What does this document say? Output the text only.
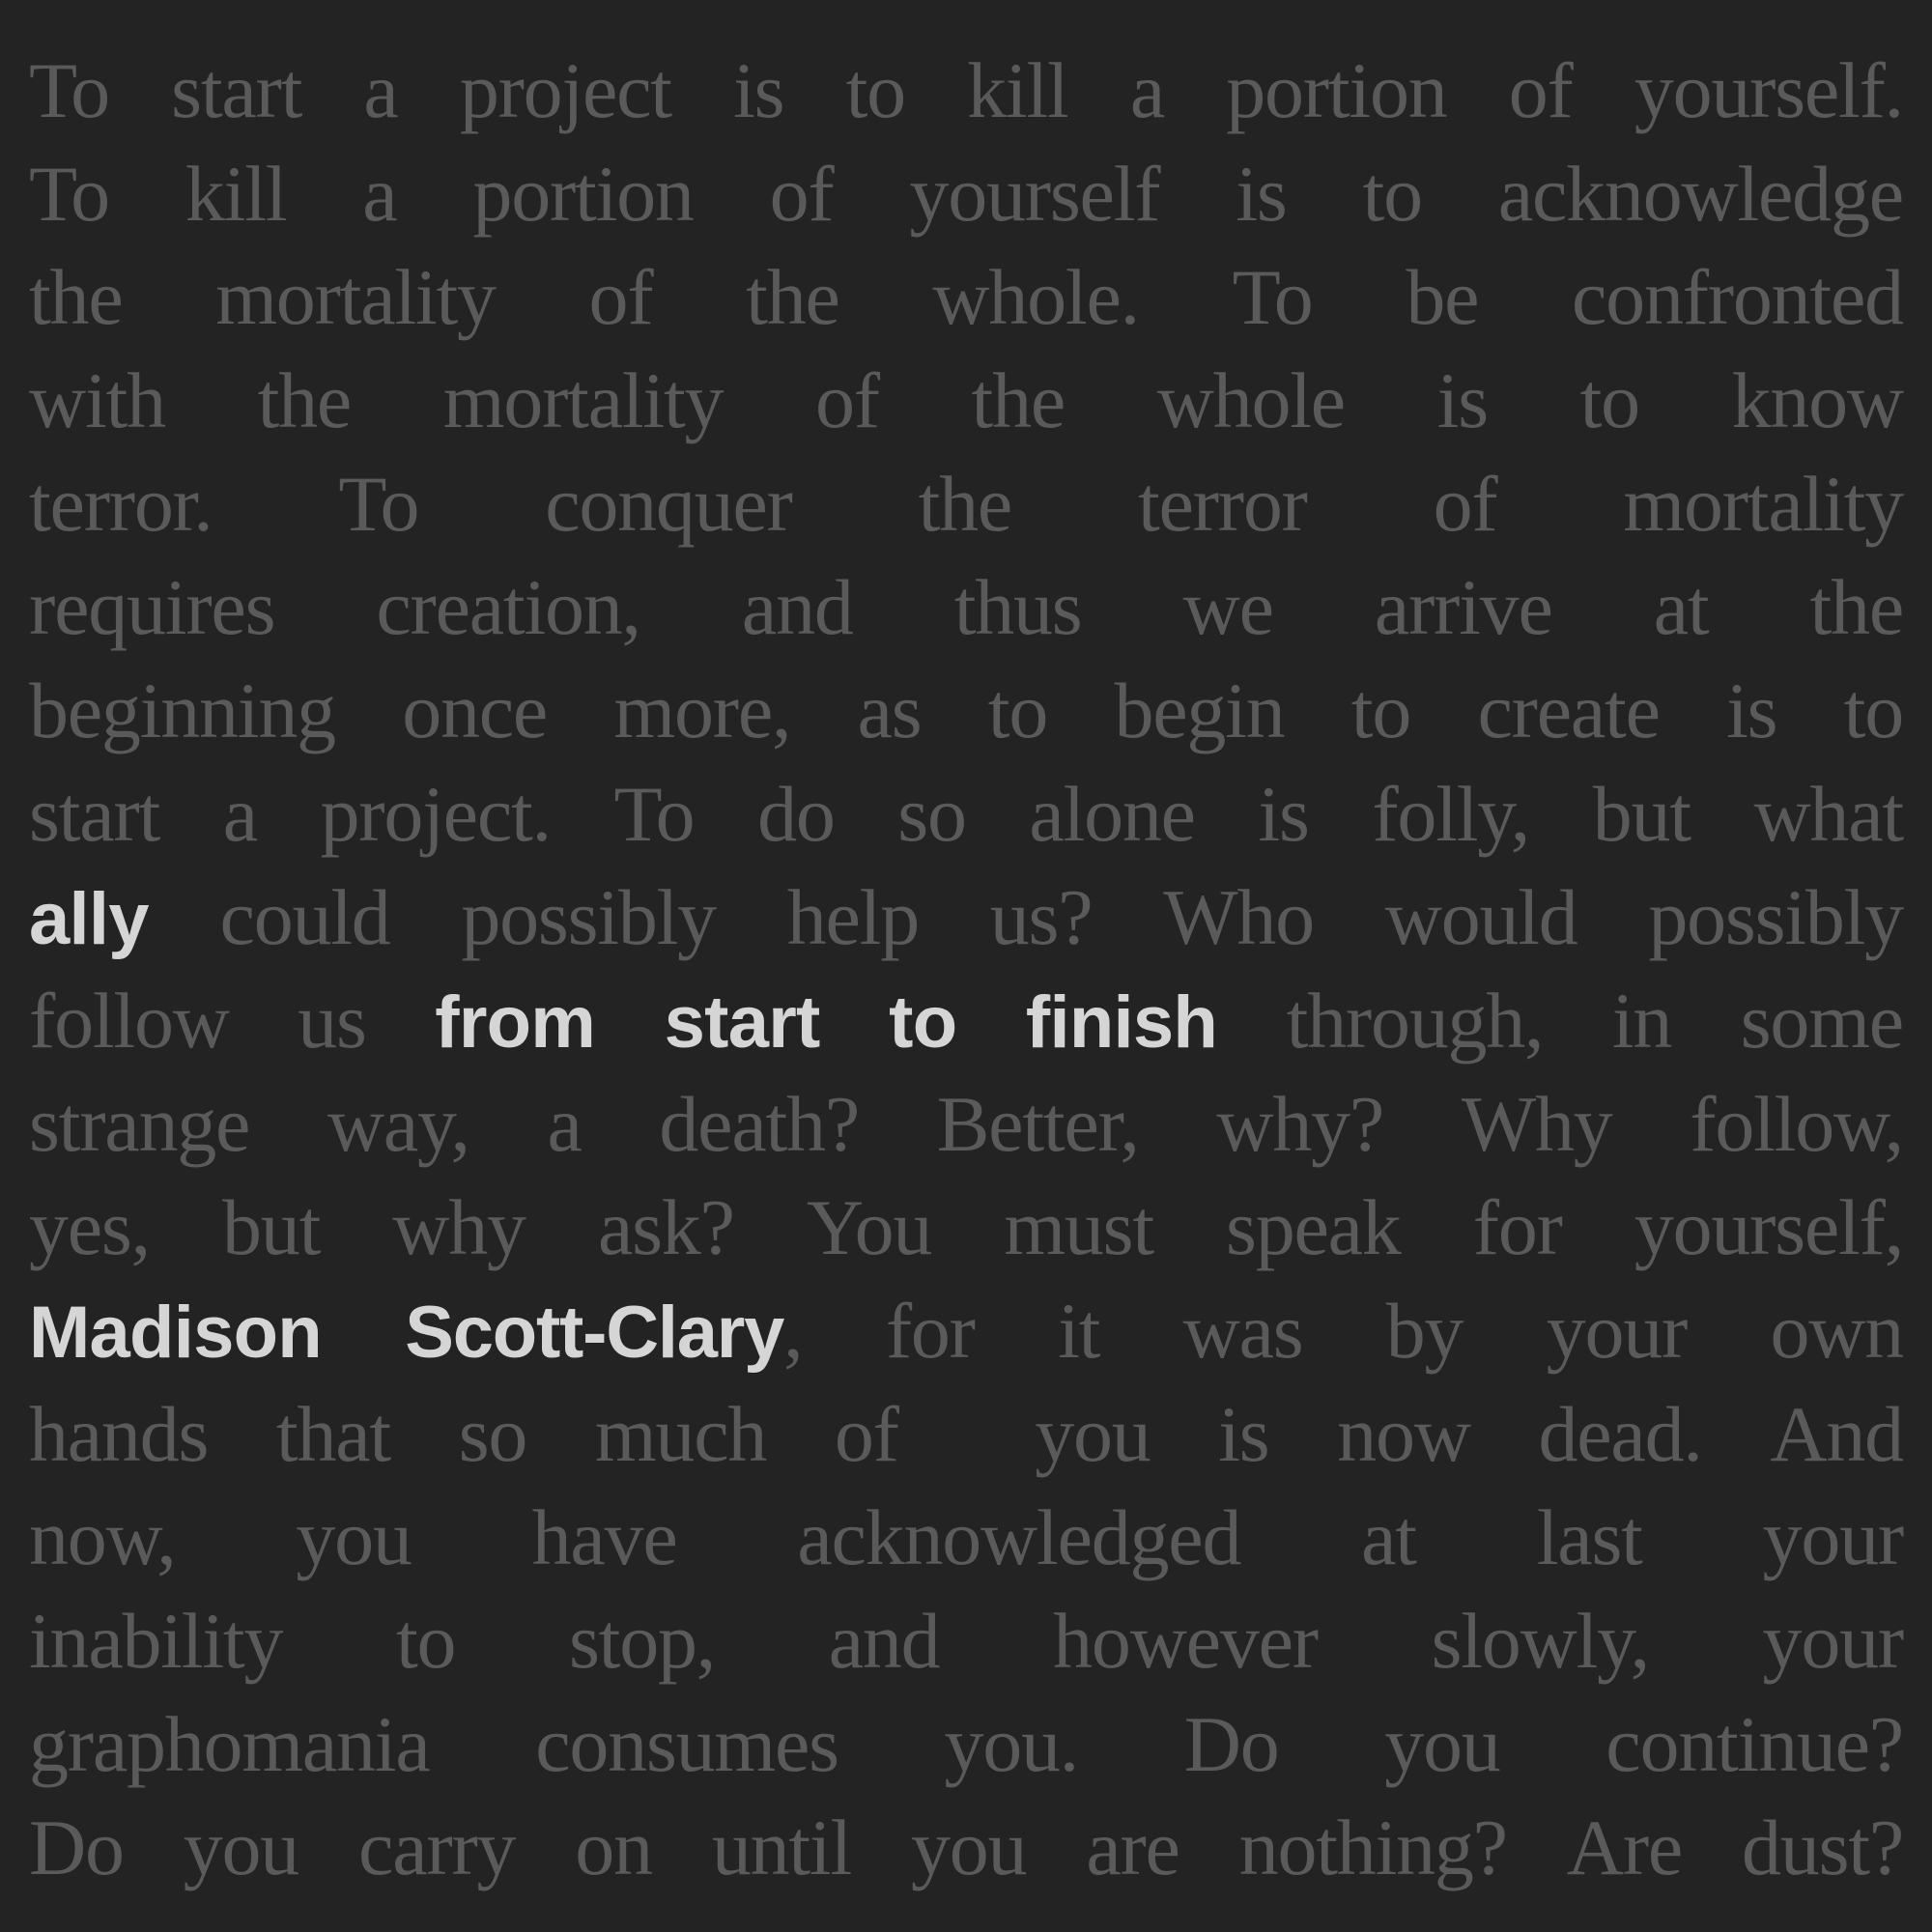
To start a project is to kill a portion of yourself.
To kill a portion of yourself is to acknowledge
the mortality of the whole. To be confronted
with the mortality of the whole is to know
terror. To conquer the terror of mortality
requires creation, and thus we arrive at the
beginning once more, as to begin to create is to
start a project. To do so alone is folly, but what
ally could possibly help us? Who would possibly
follow us from start to finish through, in some
strange way, a death? Better, why? Why follow,
yes, but why ask? You must speak for yourself,
Madison Scott-Clary, for it was by your own
hands that so much of you is now dead. And
now, you have acknowledged at last your
inability to stop, and however slowly, your
graphomania consumes you. Do you continue?
Do you carry on until you are nothing? Are dust?
